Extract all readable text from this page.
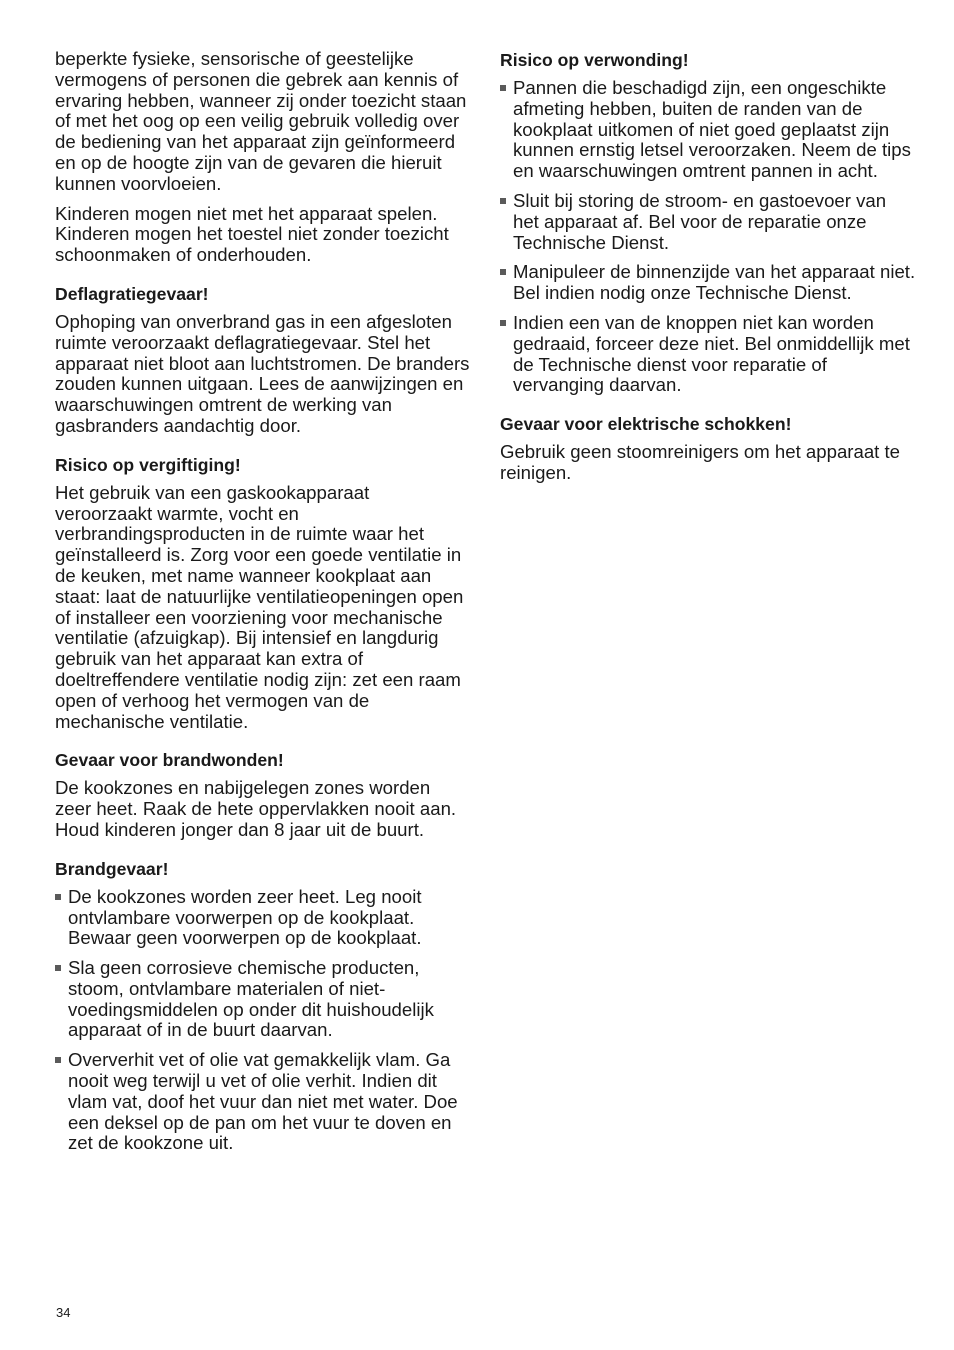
beperkte fysieke, sensorische of geestelijke vermogens of personen die gebrek aan kennis of ervaring hebben, wanneer zij onder toezicht staan of met het oog op een veilig gebruik volledig over de bediening van het apparaat zijn geïnformeerd en op de hoogte zijn van de gevaren die hieruit kunnen voorvloeien.

Kinderen mogen niet met het apparaat spelen. Kinderen mogen het toestel niet zonder toezicht schoonmaken of onderhouden.

Deflagratiegevaar!

Ophoping van onverbrand gas in een afgesloten ruimte veroorzaakt deflagratiegevaar. Stel het apparaat niet bloot aan luchtstromen. De branders zouden kunnen uitgaan. Lees de aanwijzingen en waarschuwingen omtrent de werking van gasbranders aandachtig door.

Risico op vergiftiging!

Het gebruik van een gaskookapparaat veroorzaakt warmte, vocht en verbrandingsproducten in de ruimte waar het geïnstalleerd is. Zorg voor een goede ventilatie in de keuken, met name wanneer kookplaat aan staat: laat de natuurlijke ventilatieopeningen open of installeer een voorziening voor mechanische ventilatie (afzuigkap). Bij intensief en langdurig gebruik van het apparaat kan extra of doeltreffendere ventilatie nodig zijn: zet een raam open of verhoog het vermogen van de mechanische ventilatie.

Gevaar voor brandwonden!

De kookzones en nabijgelegen zones worden zeer heet. Raak de hete oppervlakken nooit aan. Houd kinderen jonger dan 8 jaar uit de buurt.

Brandgevaar!
De kookzones worden zeer heet. Leg nooit ontvlambare voorwerpen op de kookplaat. Bewaar geen voorwerpen op de kookplaat.
Sla geen corrosieve chemische producten, stoom, ontvlambare materialen of niet-voedingsmiddelen op onder dit huishoudelijk apparaat of in de buurt daarvan.
Oververhit vet of olie vat gemakkelijk vlam. Ga nooit weg terwijl u vet of olie verhit. Indien dit vlam vat, doof het vuur dan niet met water. Doe een deksel op de pan om het vuur te doven en zet de kookzone uit.
Risico op verwonding!
Pannen die beschadigd zijn, een ongeschikte afmeting hebben, buiten de randen van de kookplaat uitkomen of niet goed geplaatst zijn kunnen ernstig letsel veroorzaken. Neem de tips en waarschuwingen omtrent pannen in acht.
Sluit bij storing de stroom- en gastoevoer van het apparaat af. Bel voor de reparatie onze Technische Dienst.
Manipuleer de binnenzijde van het apparaat niet. Bel indien nodig onze Technische Dienst.
Indien een van de knoppen niet kan worden gedraaid, forceer deze niet. Bel onmiddellijk met de Technische dienst voor reparatie of vervanging daarvan.
Gevaar voor elektrische schokken!

Gebruik geen stoomreinigers om het apparaat te reinigen.

34
